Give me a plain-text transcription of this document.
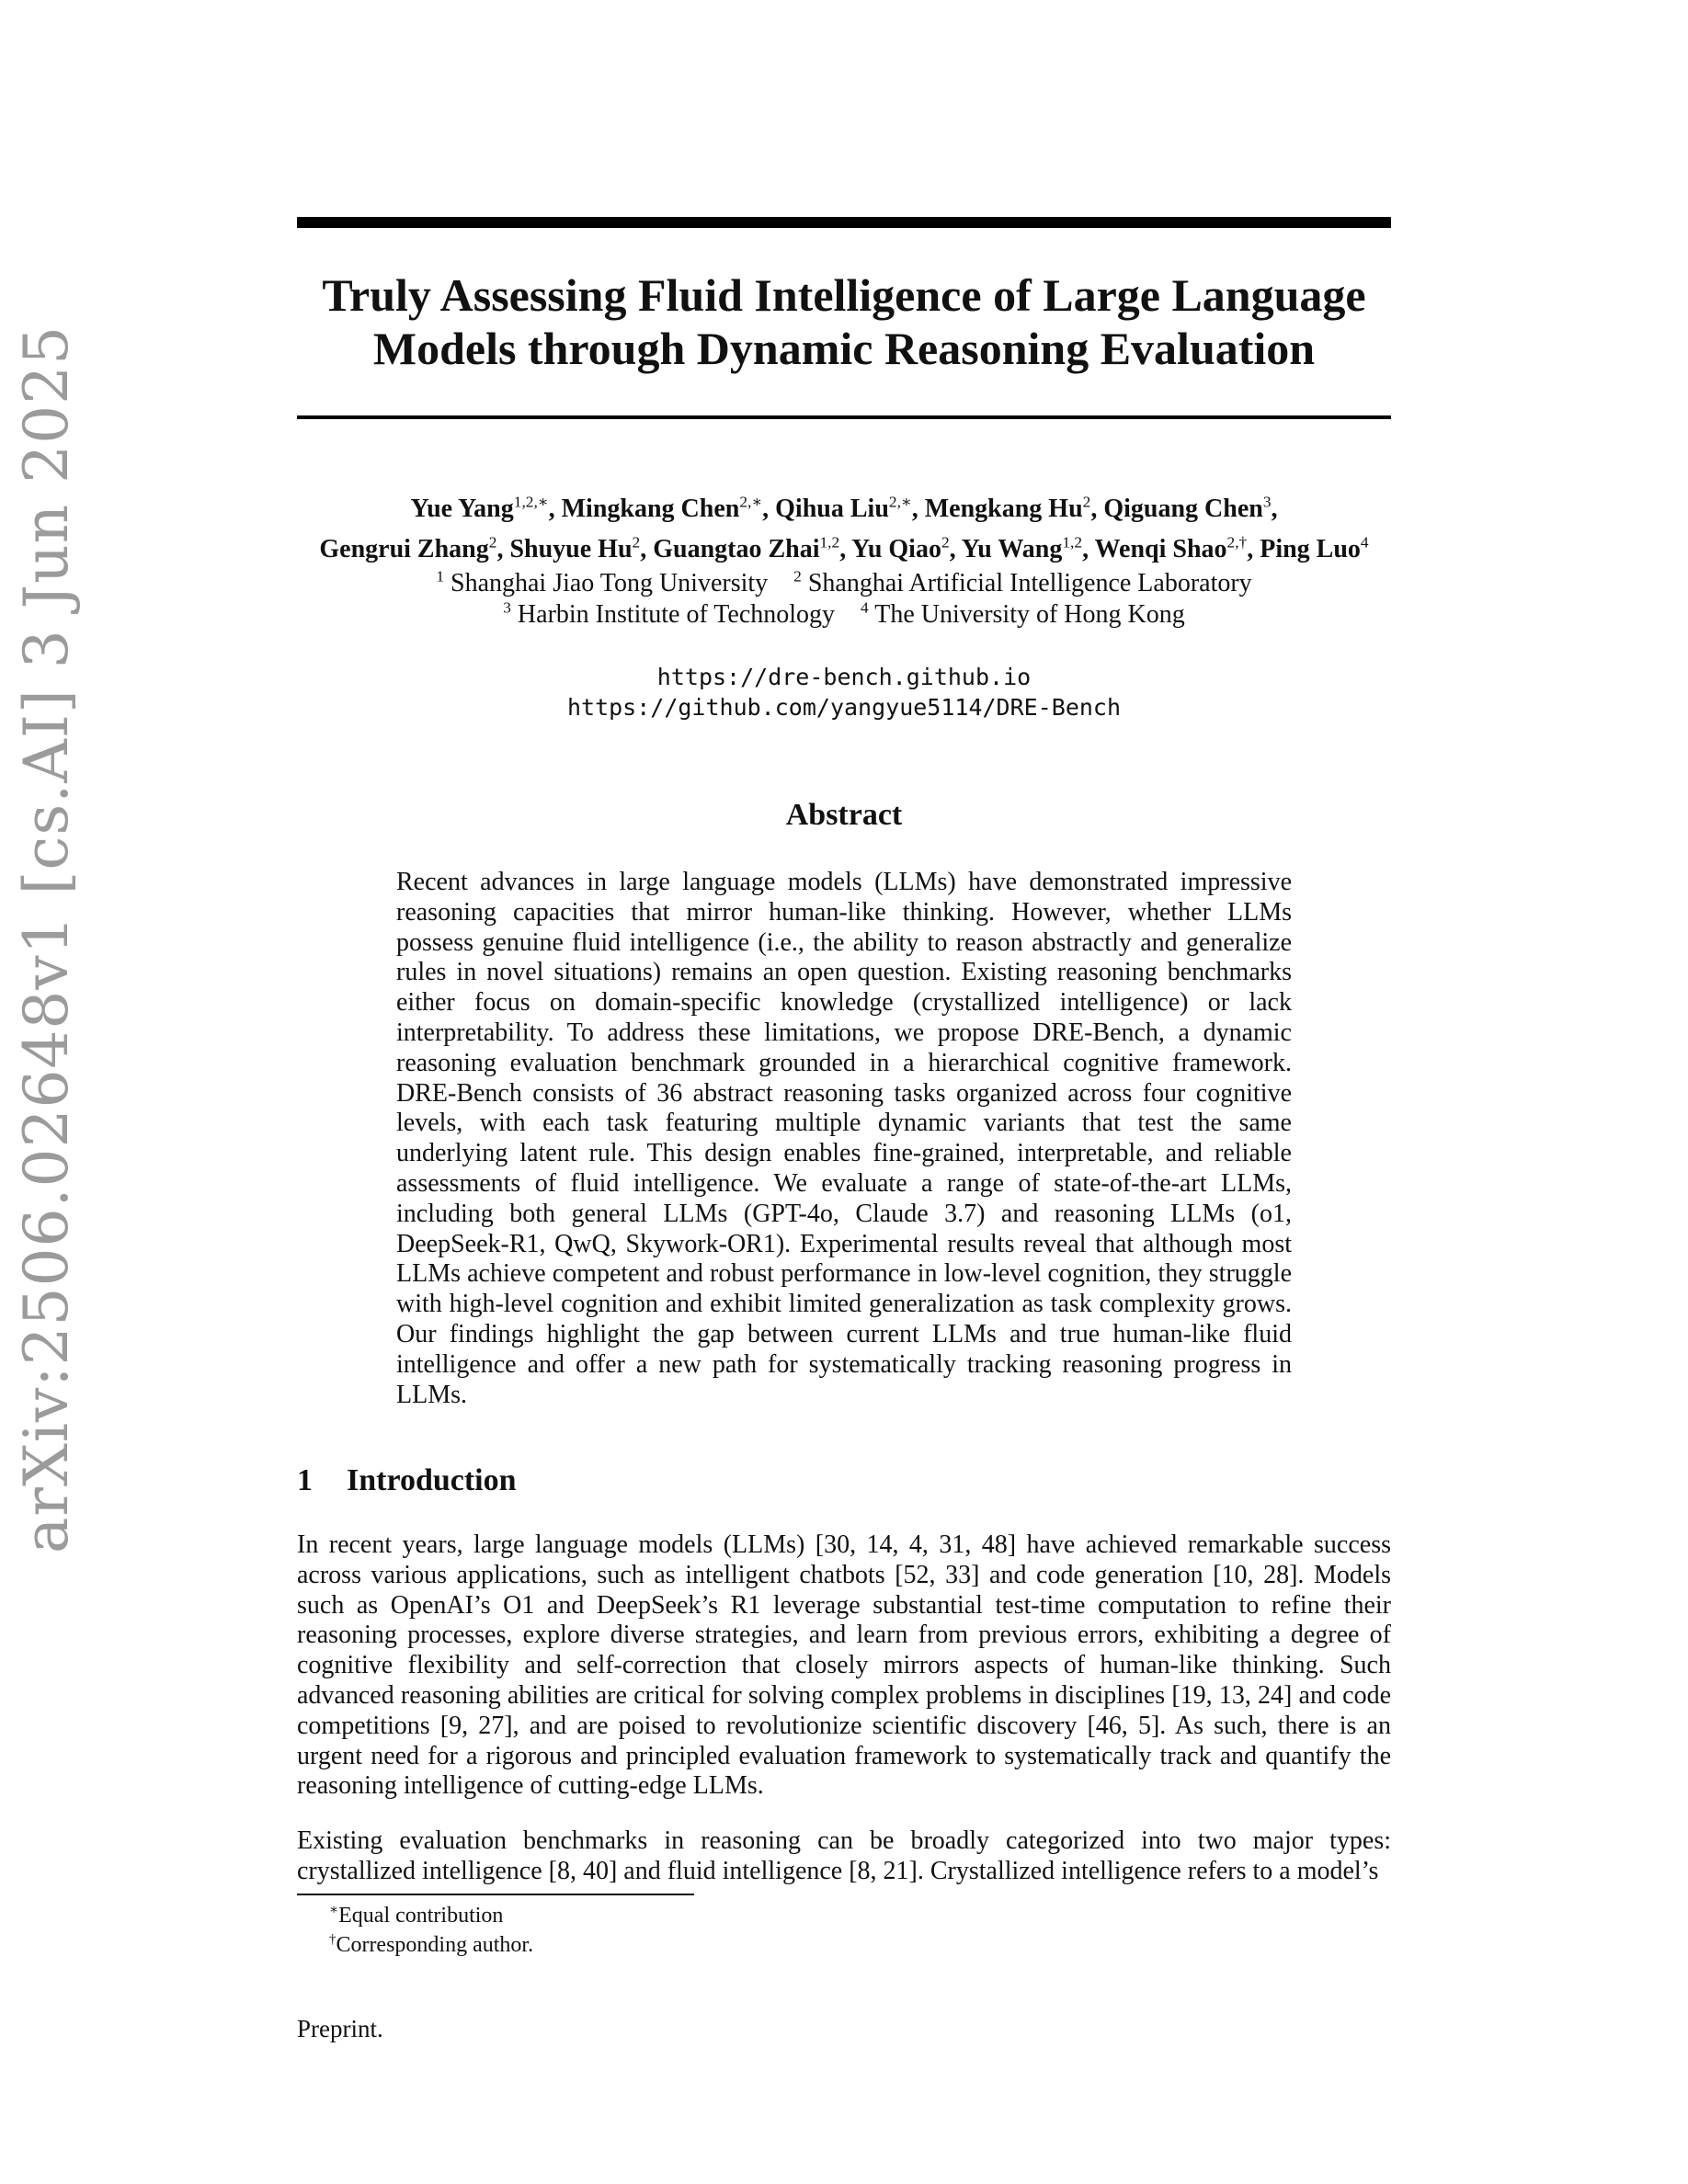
arXiv:2506.02648v1 [cs.AI] 3 Jun 2025
Truly Assessing Fluid Intelligence of Large Language
Models through Dynamic Reasoning Evaluation
Yue Yang$^{1,2,∗}$, Mingkang Chen$^{2,∗}$, Qihua Liu$^{2,∗}$, Mengkang Hu$^2$, Qiguang Chen$^3$,
Gengrui Zhang$^2$, Shuyue Hu$^2$, Guangtao Zhai$^{1,2}$, Yu Qiao$^2$, Yu Wang$^{1,2}$, Wenqi Shao$^{2,\dagger}$, Ping Luo$^4$
$^1$ Shanghai Jiao Tong University $^2$ Shanghai Artificial Intelligence Laboratory
$^3$ Harbin Institute of Technology $^4$ The University of Hong Kong
https://dre-bench.github.io
https://github.com/yangyue5114/DRE-Bench
Abstract

Recent advances in large language models (LLMs) have demonstrated impressive reasoning capacities that mirror human-like thinking. However, whether LLMs possess genuine fluid intelligence (i.e., the ability to reason abstractly and generalize rules in novel situations) remains an open question. Existing reasoning benchmarks either focus on domain-specific knowledge (crystallized intelligence) or lack interpretability. To address these limitations, we propose DRE-Bench, a dynamic reasoning evaluation benchmark grounded in a hierarchical cognitive framework. DRE-Bench consists of 36 abstract reasoning tasks organized across four cognitive levels, with each task featuring multiple dynamic variants that test the same underlying latent rule. This design enables fine-grained, interpretable, and reliable assessments of fluid intelligence. We evaluate a range of state-of-the-art LLMs, including both general LLMs (GPT-4o, Claude 3.7) and reasoning LLMs (o1, DeepSeek-R1, QwQ, Skywork-OR1). Experimental results reveal that although most LLMs achieve competent and robust performance in low-level cognition, they struggle with high-level cognition and exhibit limited generalization as task complexity grows. Our findings highlight the gap between current LLMs and true human-like fluid intelligence and offer a new path for systematically tracking reasoning progress in LLMs.

1 Introduction

In recent years, large language models (LLMs) [30, 14, 4, 31, 48] have achieved remarkable success across various applications, such as intelligent chatbots [52, 33] and code generation [10, 28]. Models such as OpenAI’s O1 and DeepSeek’s R1 leverage substantial test-time computation to refine their reasoning processes, explore diverse strategies, and learn from previous errors, exhibiting a degree of cognitive flexibility and self-correction that closely mirrors aspects of human-like thinking. Such advanced reasoning abilities are critical for solving complex problems in disciplines [19, 13, 24] and code competitions [9, 27], and are poised to revolutionize scientific discovery [46, 5]. As such, there is an urgent need for a rigorous and principled evaluation framework to systematically track and quantify the reasoning intelligence of cutting-edge LLMs.

Existing evaluation benchmarks in reasoning can be broadly categorized into two major types: crystallized intelligence [8, 40] and fluid intelligence [8, 21]. Crystallized intelligence refers to a model’s

∗Equal contribution
†Corresponding author.
Preprint.
